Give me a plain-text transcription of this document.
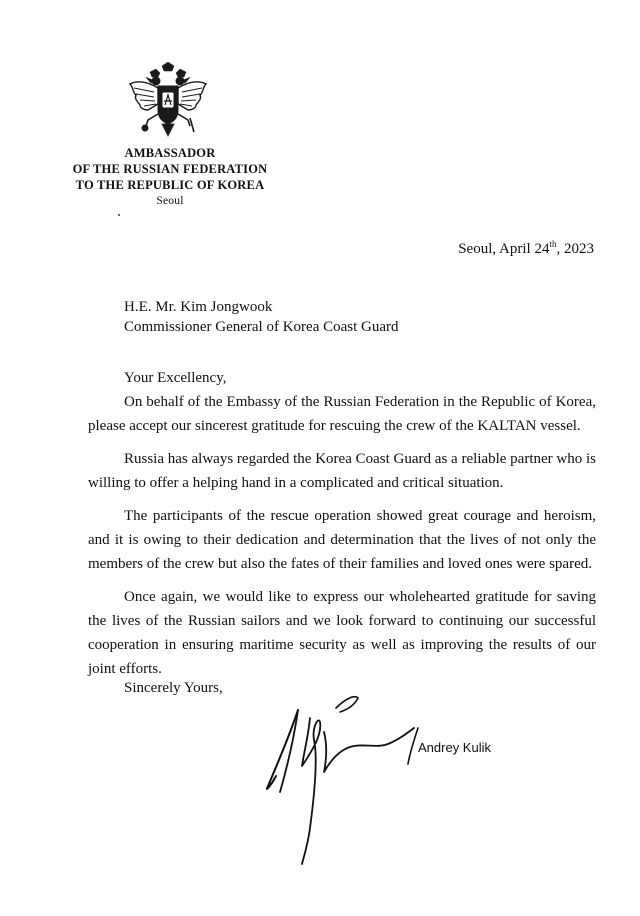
AMBASSADOR
OF THE RUSSIAN FEDERATION
TO THE REPUBLIC OF KOREA
Seoul
Seoul, April 24th, 2023
H.E. Mr. Kim Jongwook
Commissioner General of Korea Coast Guard

Your Excellency,

On behalf of the Embassy of the Russian Federation in the Republic of Korea, please accept our sincerest gratitude for rescuing the crew of the KALTAN vessel.

Russia has always regarded the Korea Coast Guard as a reliable partner who is willing to offer a helping hand in a complicated and critical situation.

The participants of the rescue operation showed great courage and heroism, and it is owing to their dedication and determination that the lives of not only the members of the crew but also the fates of their families and loved ones were spared.

Once again, we would like to express our wholehearted gratitude for saving the lives of the Russian sailors and we look forward to continuing our successful cooperation in ensuring maritime security as well as improving the results of our joint efforts.

Sincerely Yours,
Andrey Kulik
